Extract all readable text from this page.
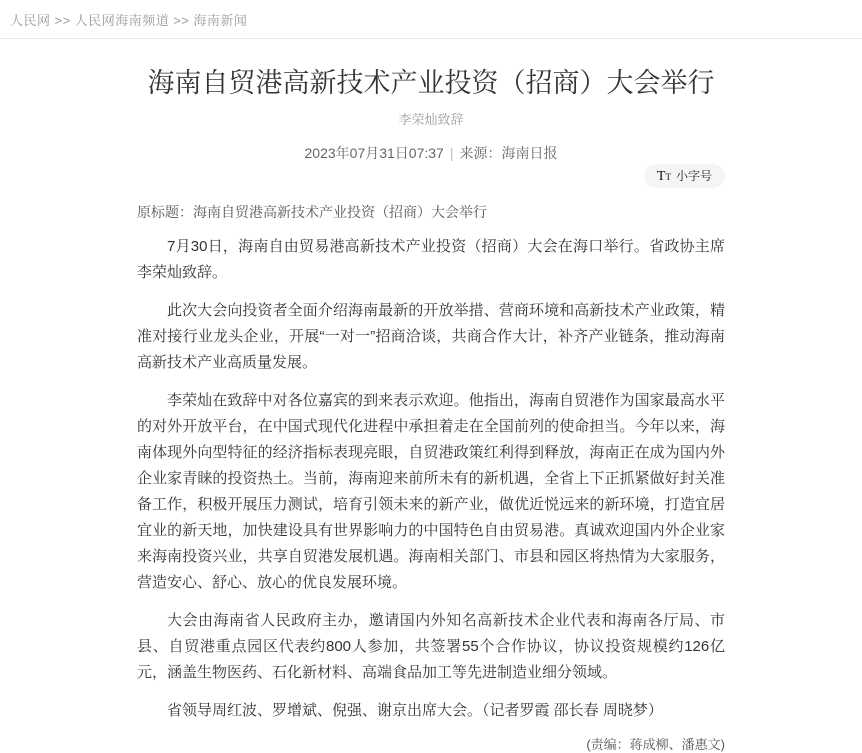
人民网 >> 人民网海南频道 >> 海南新闻
海南自贸港高新技术产业投资（招商）大会举行
李荣灿致辞
2023年07月31日07:37 | 来源：海南日报
TT 小字号
原标题：海南自贸港高新技术产业投资（招商）大会举行

7月30日，海南自由贸易港高新技术产业投资（招商）大会在海口举行。省政协主席李荣灿致辞。

此次大会向投资者全面介绍海南最新的开放举措、营商环境和高新技术产业政策，精准对接行业龙头企业，开展“一对一”招商洽谈，共商合作大计，补齐产业链条，推动海南高新技术产业高质量发展。

李荣灿在致辞中对各位嘉宾的到来表示欢迎。他指出，海南自贸港作为国家最高水平的对外开放平台，在中国式现代化进程中承担着走在全国前列的使命担当。今年以来，海南体现外向型特征的经济指标表现亮眼，自贸港政策红利得到释放，海南正在成为国内外企业家青睐的投资热土。当前，海南迎来前所未有的新机遇，全省上下正抓紧做好封关准备工作，积极开展压力测试，培育引领未来的新产业，做优近悦远来的新环境，打造宜居宜业的新天地，加快建设具有世界影响力的中国特色自由贸易港。真诚欢迎国内外企业家来海南投资兴业，共享自贸港发展机遇。海南相关部门、市县和园区将热情为大家服务，营造安心、舒心、放心的优良发展环境。

大会由海南省人民政府主办，邀请国内外知名高新技术企业代表和海南各厅局、市县、自贸港重点园区代表约800人参加，共签署55个合作协议，协议投资规模约126亿元，涵盖生物医药、石化新材料、高端食品加工等先进制造业细分领域。

省领导周红波、罗增斌、倪强、谢京出席大会。（记者罗霞 邵长春 周晓梦）

(责编：蒋成柳、潘惠文)
